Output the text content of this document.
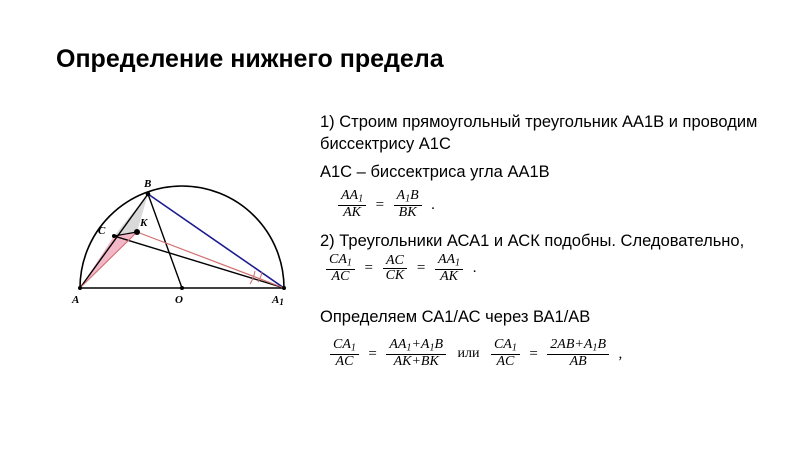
Определение нижнего предела
B
C
K
A	O	A1

1) Строим прямоугольный треугольник АА1В и проводим биссектрису А1С

А1С – биссектриса угла АА1В

$\frac{AA_1}{AK} = \frac{A_1B}{BK}$ .

2) Треугольники АСА1 и АСК подобны. Следовательно,
$\frac{CA_1}{AC} = \frac{AC}{CK} = \frac{AA_1}{AK}$ .

Определяем СА1/АС через ВА1/АВ

$\frac{CA_1}{AC} = \frac{AA_1+A_1B}{AK+BK}$ или $\frac{CA_1}{AC} = \frac{2AB+A_1B}{AB}$ ,
